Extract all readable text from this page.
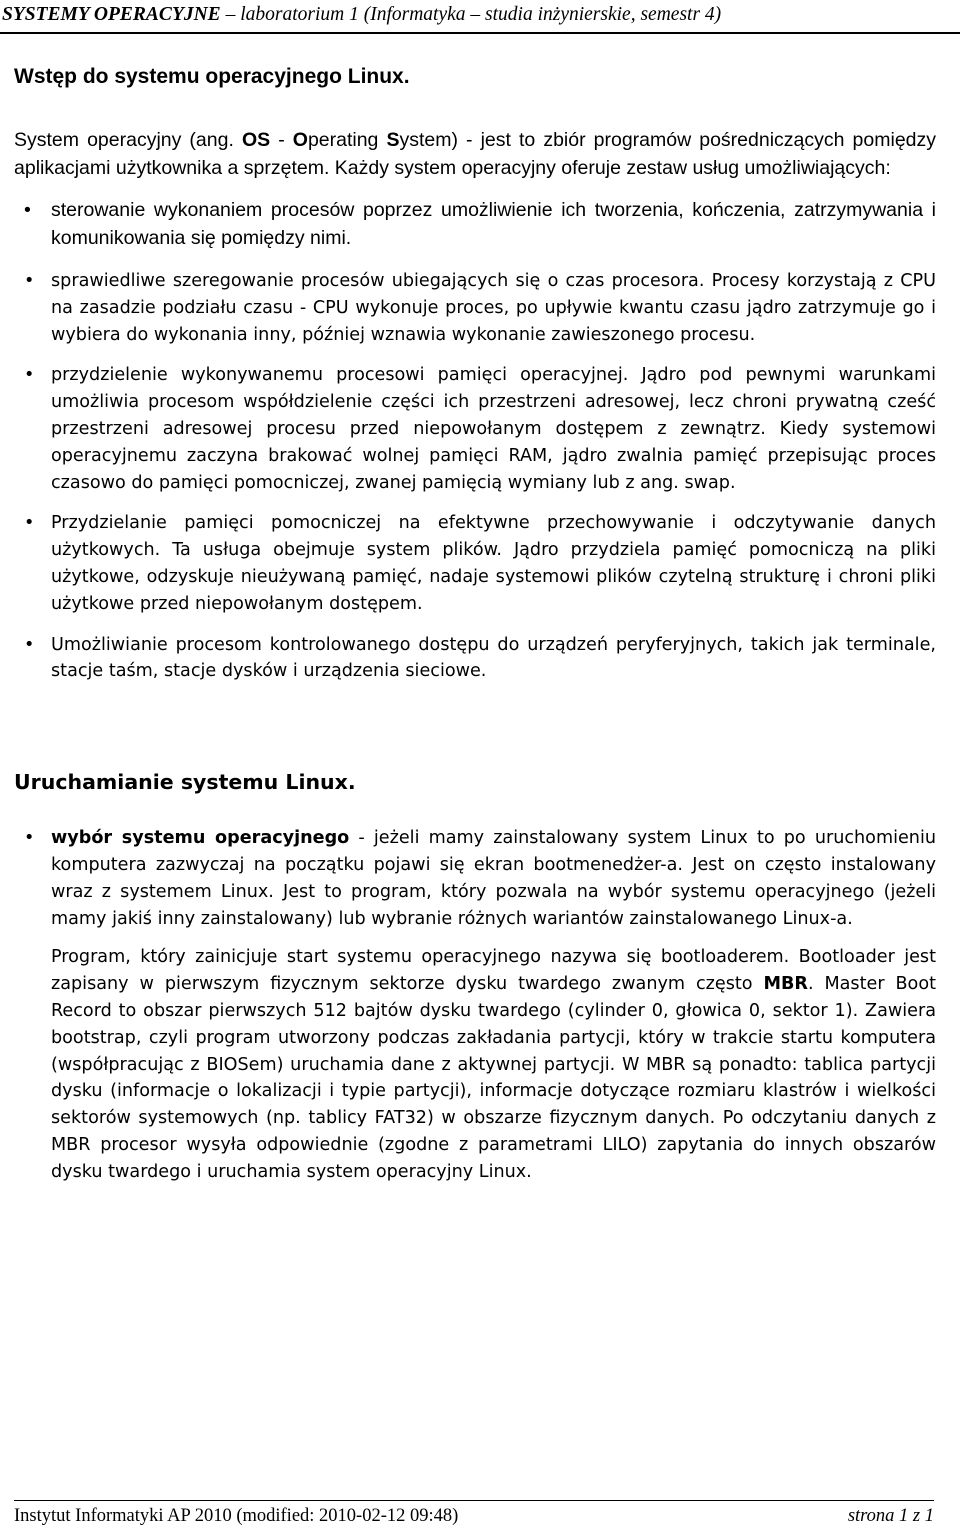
SYSTEMY OPERACYJNE – laboratorium 1 (Informatyka – studia inżynierskie, semestr 4)

Wstęp do systemu operacyjnego Linux.

System operacyjny (ang. OS - Operating System) - jest to zbiór programów pośredniczących pomiędzy aplikacjami użytkownika a sprzętem. Każdy system operacyjny oferuje zestaw usług umożliwiających:

• sterowanie wykonaniem procesów poprzez umożliwienie ich tworzenia, kończenia, zatrzymywania i komunikowania się pomiędzy nimi.
• sprawiedliwe szeregowanie procesów ubiegających się o czas procesora. Procesy korzystają z CPU na zasadzie podziału czasu - CPU wykonuje proces, po upływie kwantu czasu jądro zatrzymuje go i wybiera do wykonania inny, później wznawia wykonanie zawieszonego procesu.
• przydzielenie wykonywanemu procesowi pamięci operacyjnej. Jądro pod pewnymi warunkami umożliwia procesom współdzielenie części ich przestrzeni adresowej, lecz chroni prywatną cześć przestrzeni adresowej procesu przed niepowołanym dostępem z zewnątrz. Kiedy systemowi operacyjnemu zaczyna brakować wolnej pamięci RAM, jądro zwalnia pamięć przepisując proces czasowo do pamięci pomocniczej, zwanej pamięcią wymiany lub z ang. swap.
• Przydzielanie pamięci pomocniczej na efektywne przechowywanie i odczytywanie danych użytkowych. Ta usługa obejmuje system plików. Jądro przydziela pamięć pomocniczą na pliki użytkowe, odzyskuje nieużywaną pamięć, nadaje systemowi plików czytelną strukturę i chroni pliki użytkowe przed niepowołanym dostępem.
• Umożliwianie procesom kontrolowanego dostępu do urządzeń peryferyjnych, takich jak terminale, stacje taśm, stacje dysków i urządzenia sieciowe.

Uruchamianie systemu Linux.

• wybór systemu operacyjnego - jeżeli mamy zainstalowany system Linux to po uruchomieniu komputera zazwyczaj na początku pojawi się ekran bootmenedżer-a. Jest on często instalowany wraz z systemem Linux. Jest to program, który pozwala na wybór systemu operacyjnego (jeżeli mamy jakiś inny zainstalowany) lub wybranie różnych wariantów zainstalowanego Linux-a.

Program, który zainicjuje start systemu operacyjnego nazywa się bootloaderem. Bootloader jest zapisany w pierwszym fizycznym sektorze dysku twardego zwanym często MBR. Master Boot Record to obszar pierwszych 512 bajtów dysku twardego (cylinder 0, głowica 0, sektor 1). Zawiera bootstrap, czyli program utworzony podczas zakładania partycji, który w trakcie startu komputera (współpracując z BIOSem) uruchamia dane z aktywnej partycji. W MBR są ponadto: tablica partycji dysku (informacje o lokalizacji i typie partycji), informacje dotyczące rozmiaru klastrów i wielkości sektorów systemowych (np. tablicy FAT32) w obszarze fizycznym danych. Po odczytaniu danych z MBR procesor wysyła odpowiednie (zgodne z parametrami LILO) zapytania do innych obszarów dysku twardego i uruchamia system operacyjny Linux.

Instytut Informatyki AP 2010 (modified: 2010-02-12 09:48)	strona 1 z 1
